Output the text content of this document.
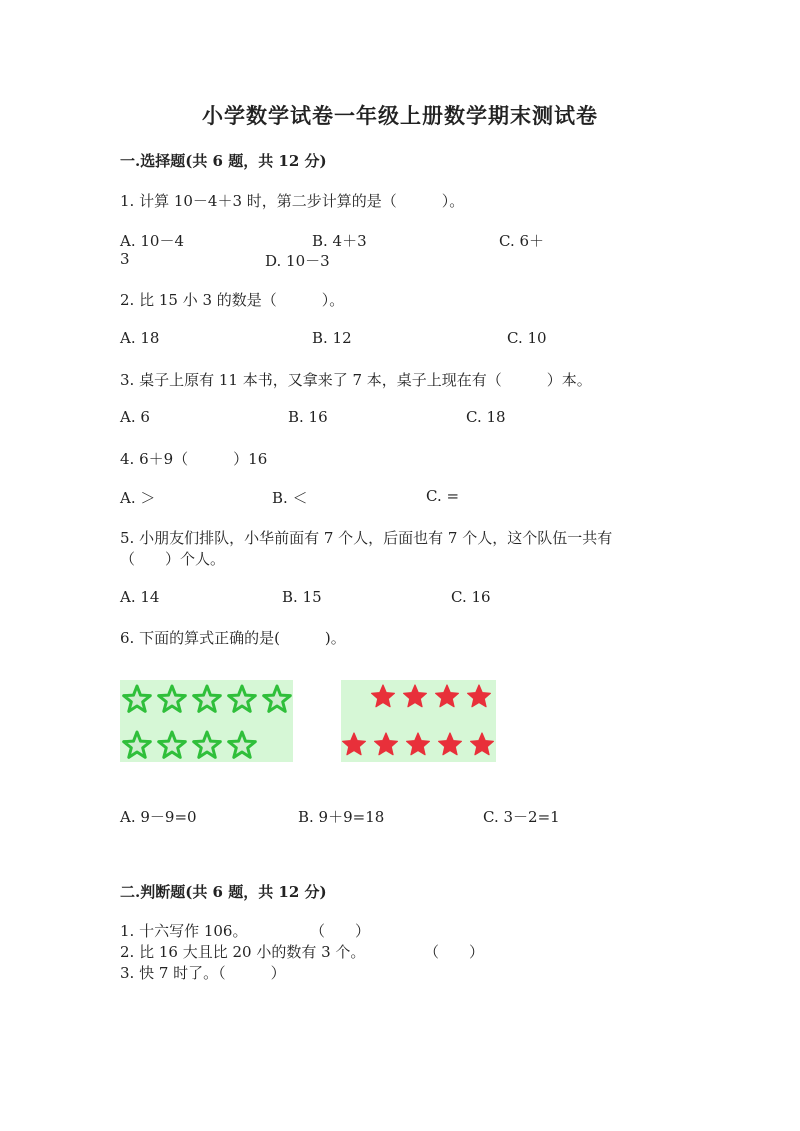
小学数学试卷一年级上册数学期末测试卷
一.选择题(共 6 题，共 12 分)
1. 计算 10－4＋3 时，第二步计算的是（　　　）。
A. 10－4	B. 4＋3	C. 6＋
3	D. 10－3
2. 比 15 小 3 的数是（　　　）。
A. 18	B. 12	C. 10
3. 桌子上原有 11 本书，又拿来了 7 本，桌子上现在有（　　　）本。
A. 6	B. 16	C. 18
4. 6＋9（　　　）16
A. ＞	B. ＜	C. =
5. 小朋友们排队，小华前面有 7 个人，后面也有 7 个人，这个队伍一共有
（　　）个人。
A. 14	B. 15	C. 16
6. 下面的算式正确的是(　　　)。
A. 9－9=0	B. 9＋9=18	C. 3－2=1
二.判断题(共 6 题，共 12 分)
1. 十六写作 106。	（　　）
2. 比 16 大且比 20 小的数有 3 个。	（　　）
3. 快 7 时了。（　　　）
